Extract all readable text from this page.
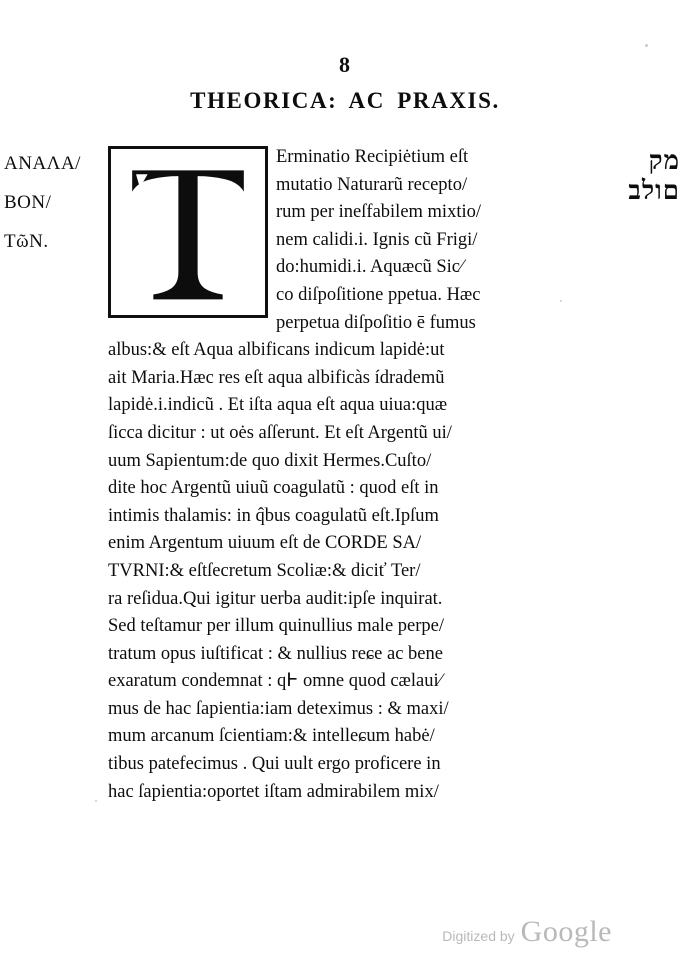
8
THEORICA: AC PRAXIS.
ANAΛA/
BON/
TῶN.
מק
םולב
Erminatio Recipiėtium eſt
mutatio Naturarũ recepto/
rum per ineſfabilem mixtio/
nem calidi.i. Ignis cũ Frigi/
do:humidi.i. Aquæcũ Sic⁄
co diſpoſitione ppetua. Hæc
perpetua diſpoſitio ē fumus
albus:& eſt Aqua albificans indicum lapidė:ut
ait Maria.Hæc res eſt aqua albificàs ídrademũ
lapidė.i.indicũ . Et iſta aqua eſt aqua uiua:quæ
ſicca dicitur : ut oės aſſerunt. Et eſt Argentũ ui/
uum Sapientum:de quo dixit Hermes.Cuſto/
dite hoc Argentũ uiuũ coagulatũ : quod eſt in
intimis thalamis: in q̂bus coagulatũ eſt.Ipſum
enim Argentum uiuum eſt de CORDE SA/
TVRNI:& eſtſecretum Scoliæ:& diciť Ter/
ra reſidua.Qui igitur uerba audit:ipſe inquirat.
Sed teſtamur per illum quinullius male perpe/
tratum opus iuſtificat : & nullius reɕe ac bene
exaratum condemnat : qͰ omne quod cælaui⁄
mus de hac ſapientia:iam deteximus : & maxi/
mum arcanum ſcientiam:& intelleɕum habė/
tibus patefecimus . Qui uult ergo proficere in
hac ſapientia:oportet iſtam admirabilem mix/
Digitized by Google
